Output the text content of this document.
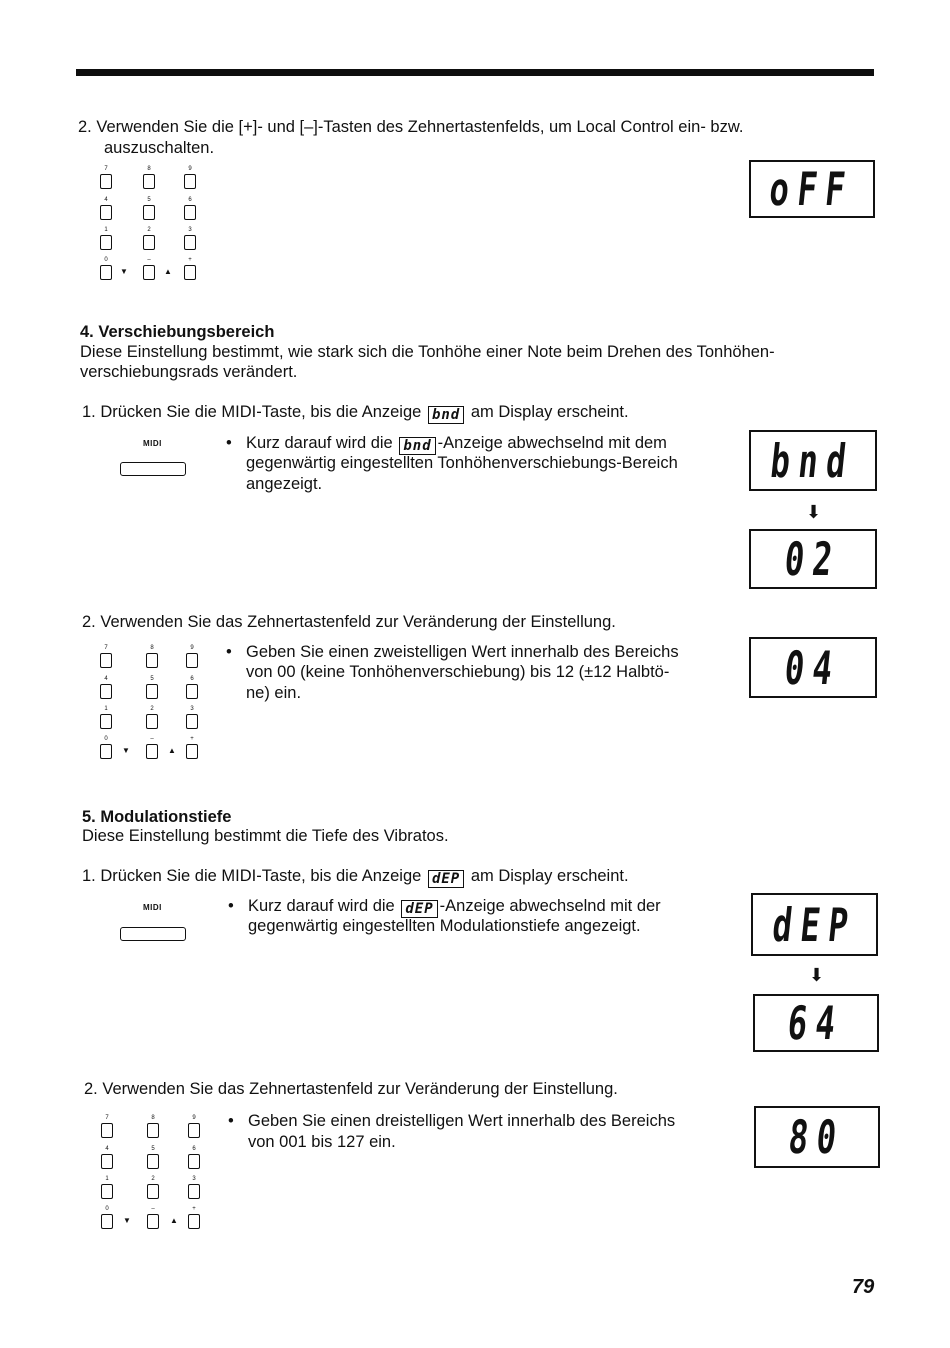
2. Verwenden Sie die [+]- und [–]-Tasten des Zehnertastenfelds, um Local Control ein- bzw.
auszuschalten.
oFF
7	8	9
4	5	6
1	2	3
0	–	+
▼	▲
4. Verschiebungsbereich
Diese Einstellung bestimmt, wie stark sich die Tonhöhe einer Note beim Drehen des Tonhöhen-
verschiebungsrads verändert.
1. Drücken Sie die MIDI-Taste, bis die Anzeige bnd am Display erscheint.
MIDI	• Kurz darauf wird die bnd -Anzeige abwechselnd mit dem
gegenwärtig eingestellten Tonhöhenverschiebungs-Bereich
angezeigt.	bnd
⬇
02
2. Verwenden Sie das Zehnertastenfeld zur Veränderung der Einstellung.
7	8	9
4	5	6
1	2	3
0	–	+
▼	▲
• Geben Sie einen zweistelligen Wert innerhalb des Bereichs
von 00 (keine Tonhöhenverschiebung) bis 12 (±12 Halbtö-
ne) ein.	04
5. Modulationstiefe
Diese Einstellung bestimmt die Tiefe des Vibratos.
1. Drücken Sie die MIDI-Taste, bis die Anzeige dEP am Display erscheint.
MIDI	• Kurz darauf wird die dEP -Anzeige abwechselnd mit der
gegenwärtig eingestellten Modulationstiefe angezeigt.	dEP
⬇
64
2. Verwenden Sie das Zehnertastenfeld zur Veränderung der Einstellung.
7	8	9
4	5	6
1	2	3
0	–	+
▼	▲
• Geben Sie einen dreistelligen Wert innerhalb des Bereichs
von 001 bis 127 ein.	80
79
